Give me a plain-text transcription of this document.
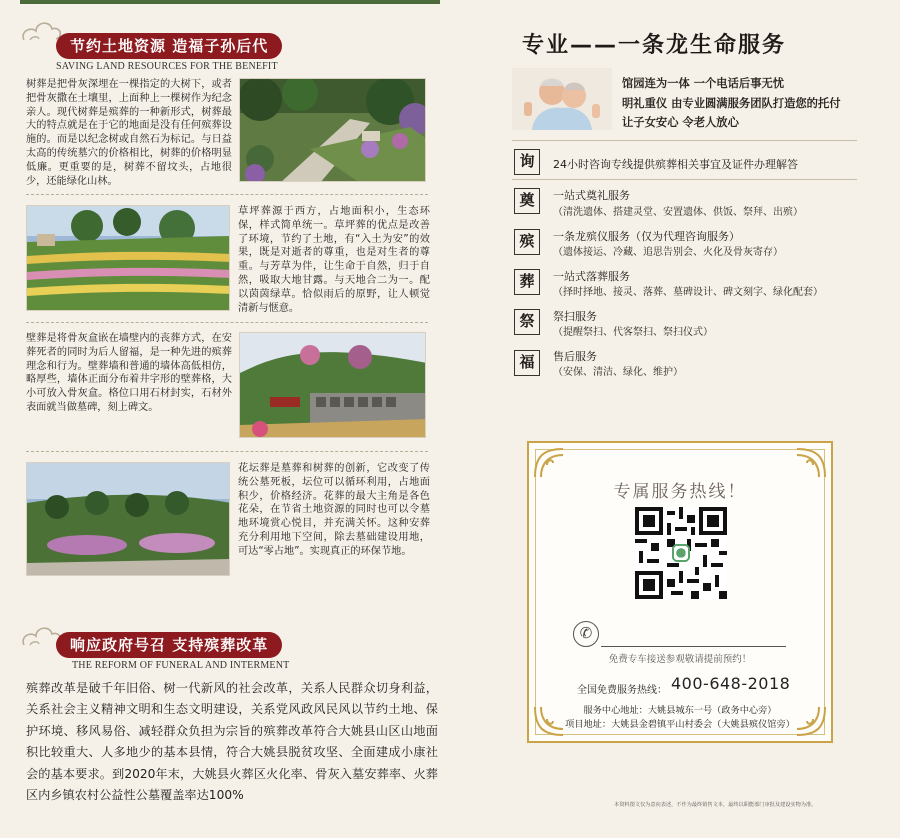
节约土地资源 造福子孙后代
SAVING LAND RESOURCES FOR THE BENEFIT
树葬是把骨灰深埋在一棵指定的大树下，或者把骨灰撒在土壤里，上面种上一棵树作为纪念亲人。现代树葬是殡葬的一种新形式，树葬最大的特点就是在于它的地面是没有任何殡葬设施的。而是以纪念树或自然石为标记。与日益太高的传统墓穴的价格相比，树葬的价格明显低廉。更重要的是，树葬不留坟头，占地很少，还能绿化山林。
草坪葬源于西方，占地面积小，生态环保，样式简单统一。草坪葬的优点是改善了环境，节约了土地，有“入土为安”的效果，既是对逝者的尊重，也是对生者的尊重。与芳草为伴，让生命于自然，归于自然，吸取大地甘露。与天地合二为一。配以茵茵绿草。恰似雨后的原野，让人顿觉清新与惬意。
壁葬是将骨灰盒嵌在墙壁内的丧葬方式，在安葬死者的同时为后人留福，是一种先进的殡葬理念和行为。壁葬墙和普通的墙体高低相仿，略厚些，墙体正面分布着井字形的壁葬格，大小可放入骨灰盒。格位口用石材封实，石材外表面就当做墓碑，刻上碑文。
花坛葬是墓葬和树葬的创新，它改变了传统公墓死板，坛位可以循环利用，占地面积少，价格经济。花葬的最大主角是各色花朵，在节省土地资源的同时也可以令墓地环境赏心悦目，并充满关怀。这种安葬充分利用地下空间，除去墓础建设用地，可达“零占地”。实现真正的环保节地。
响应政府号召 支持殡葬改革
THE REFORM OF FUNERAL AND INTERMENT
殡葬改革是破千年旧俗、树一代新风的社会改革，关系人民群众切身利益，关系社会主义精神文明和生态文明建设，关系党风政风民风以节约土地、保护环境、移风易俗、减轻群众负担为宗旨的殡葬改革符合大姚县山区山地面积比较重大、人多地少的基本县情，符合大姚县脱贫攻坚、全面建成小康社会的基本要求。到2020年末，大姚县火葬区火化率、骨灰入墓安葬率、火葬区内乡镇农村公益性公墓覆盖率达100%
专业——一条龙生命服务
馆园连为一体 一个电话后事无忧
明礼重仪 由专业圆满服务团队打造您的托付
让子女安心 令老人放心
询	24小时咨询专线提供殡葬相关事宜及证件办理解答
奠	一站式奠礼服务
（清洗遗体、搭建灵堂、安置遗体、供饭、祭拜、出殡）
殡	一条龙殡仪服务（仅为代理咨询服务）
（遗体接运、冷藏、追思告别会、火化及骨灰寄存）
葬	一站式落葬服务
（择时择地、接灵、落葬、墓碑设计、碑文刻字、绿化配套）
祭	祭扫服务
（提醒祭扫、代客祭扫、祭扫仪式）
福	售后服务
（安保、清洁、绿化、维护）
专属服务热线！
✆
免费专车接送参观敬请提前预约！
全国免费服务热线： 400-648-2018
服务中心地址：大姚县城东一号（政务中心旁）
项目地址：大姚县金碧镇平山村委会（大姚县殡仪馆旁）
本资料图文仅为意向表述，不作为最终销售文本，最终以职能部门审批及建设实物为准。
